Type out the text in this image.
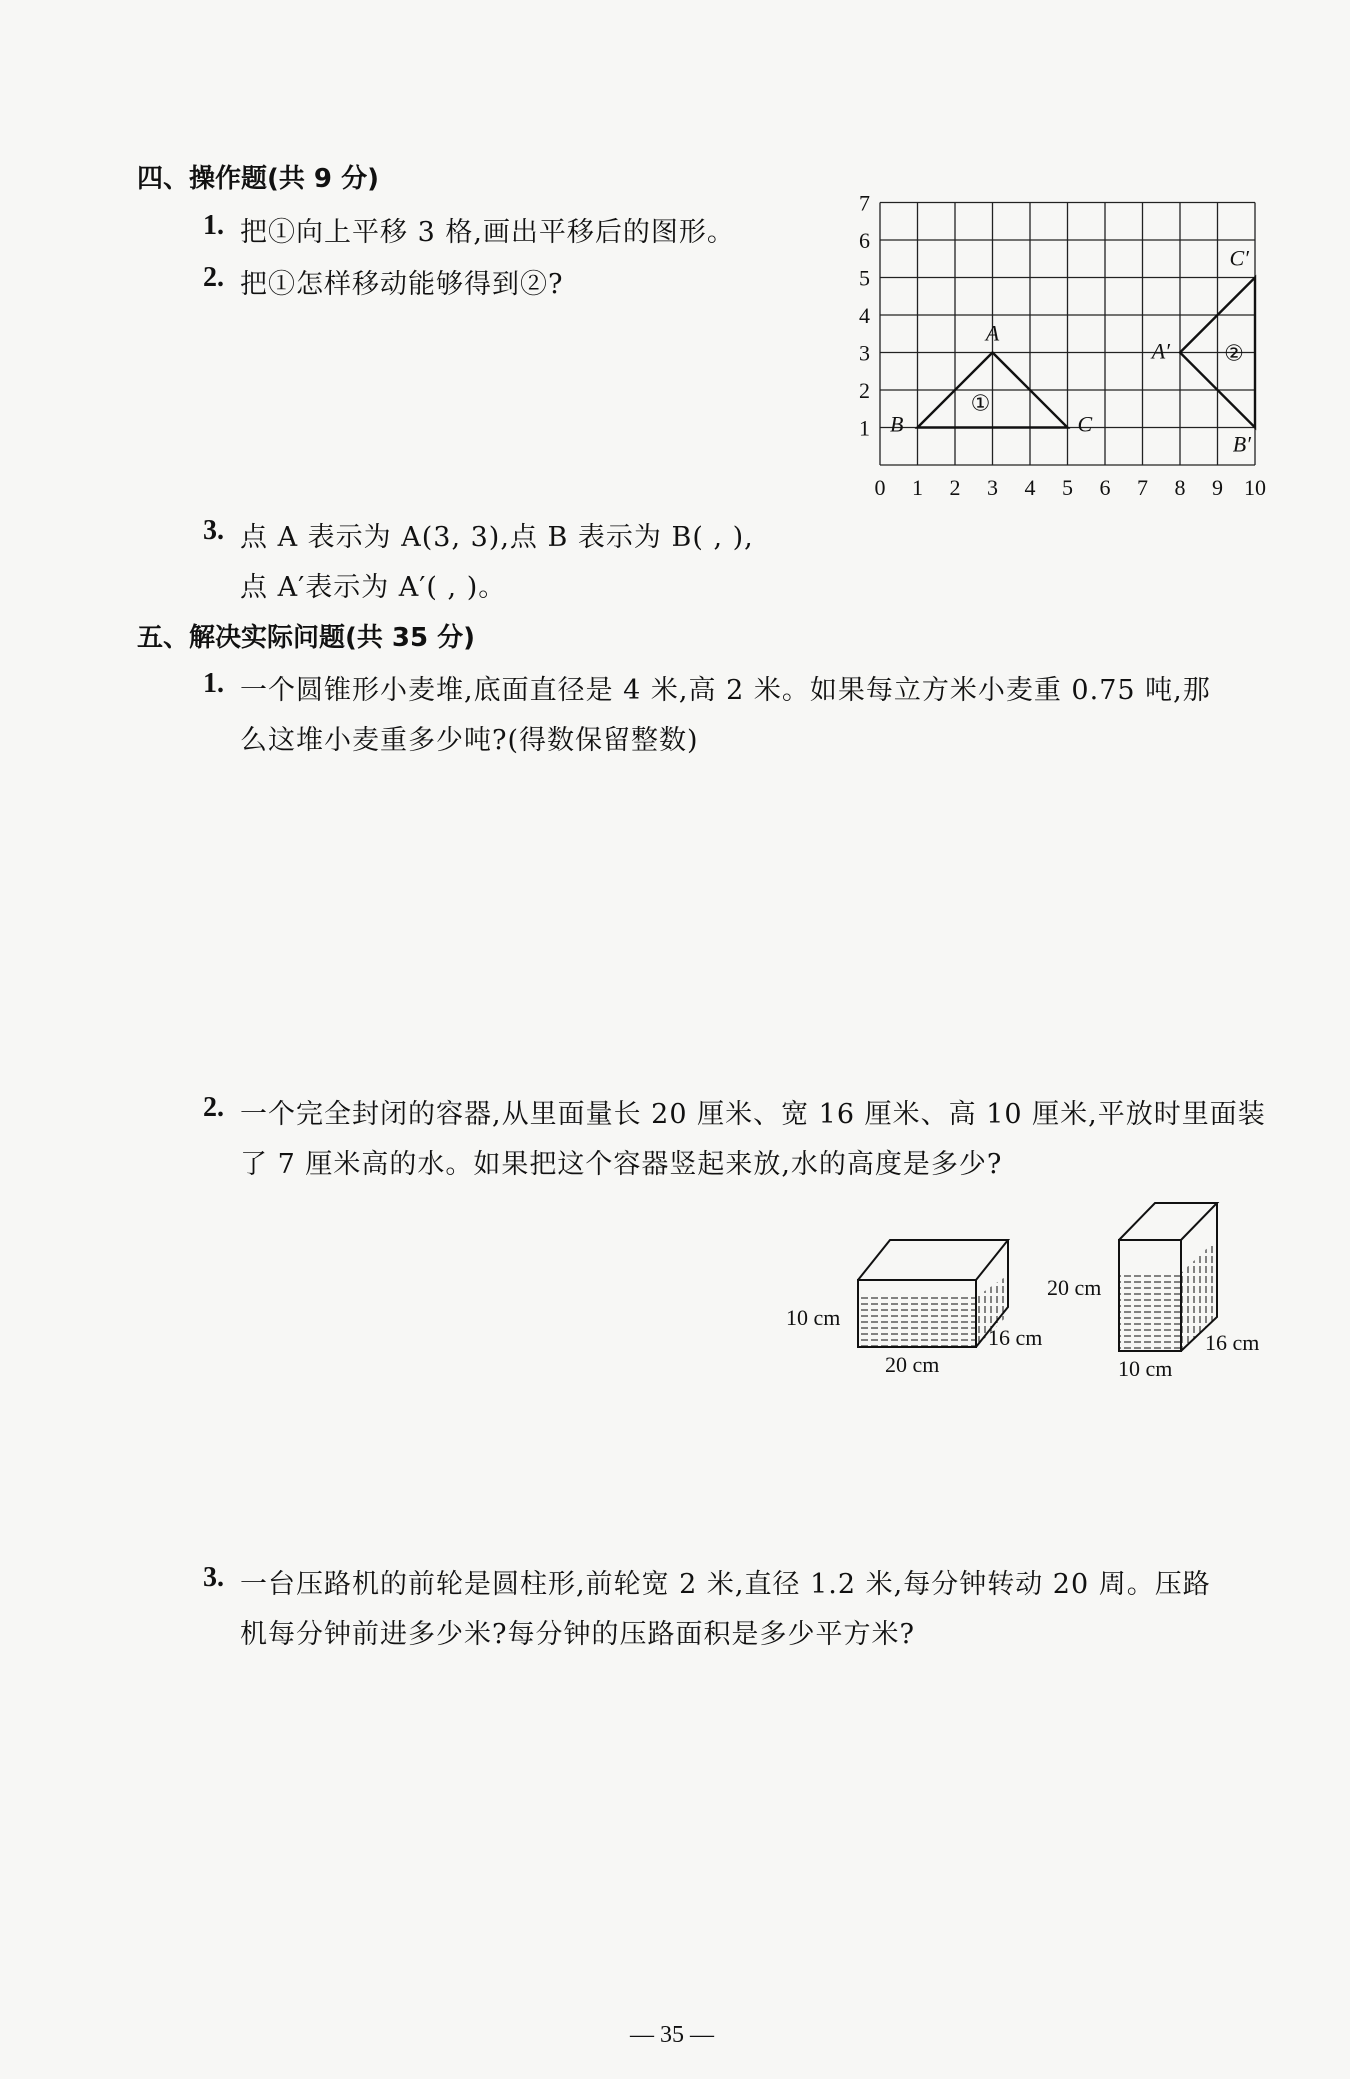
四、操作题(共 9 分)
1. 把①向上平移 3 格,画出平移后的图形。
2. 把①怎样移动能够得到②?
0 1 2 3 4 5 6 7 8 9 10
1
2
3
4
5
6
7
B
A
C
①
A′
C′
B′
②
3. 点 A 表示为 A(3, 3),点 B 表示为 B( , ),
点 A′表示为 A′( , )。
五、解决实际问题(共 35 分)
1. 一个圆锥形小麦堆,底面直径是 4 米,高 2 米。如果每立方米小麦重 0.75 吨,那
么这堆小麦重多少吨?(得数保留整数)
2. 一个完全封闭的容器,从里面量长 20 厘米、宽 16 厘米、高 10 厘米,平放时里面装
了 7 厘米高的水。如果把这个容器竖起来放,水的高度是多少?
10 cm
16 cm
20 cm
20 cm
16 cm
10 cm
3. 一台压路机的前轮是圆柱形,前轮宽 2 米,直径 1.2 米,每分钟转动 20 周。压路
机每分钟前进多少米?每分钟的压路面积是多少平方米?
— 35 —
